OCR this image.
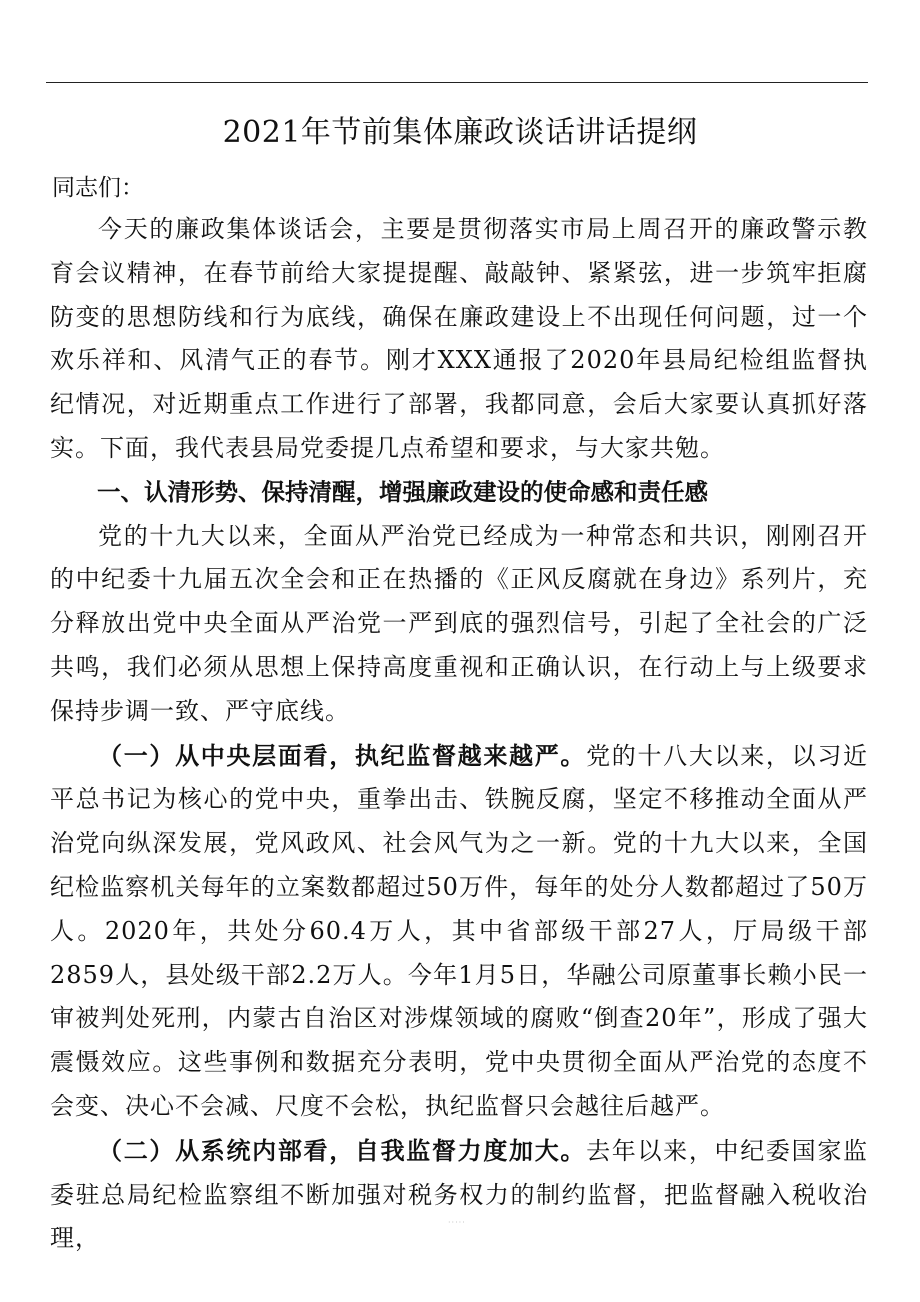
2021年节前集体廉政谈话讲话提纲

同志们：

今天的廉政集体谈话会，主要是贯彻落实市局上周召开的廉政警示教育会议精神，在春节前给大家提提醒、敲敲钟、紧紧弦，进一步筑牢拒腐防变的思想防线和行为底线，确保在廉政建设上不出现任何问题，过一个欢乐祥和、风清气正的春节。刚才XXX通报了2020年县局纪检组监督执纪情况，对近期重点工作进行了部署，我都同意，会后大家要认真抓好落实。下面，我代表县局党委提几点希望和要求，与大家共勉。

一、认清形势、保持清醒，增强廉政建设的使命感和责任感

党的十九大以来，全面从严治党已经成为一种常态和共识，刚刚召开的中纪委十九届五次全会和正在热播的《正风反腐就在身边》系列片，充分释放出党中央全面从严治党一严到底的强烈信号，引起了全社会的广泛共鸣，我们必须从思想上保持高度重视和正确认识，在行动上与上级要求保持步调一致、严守底线。

（一）从中央层面看，执纪监督越来越严。党的十八大以来，以习近平总书记为核心的党中央，重拳出击、铁腕反腐，坚定不移推动全面从严治党向纵深发展，党风政风、社会风气为之一新。党的十九大以来，全国纪检监察机关每年的立案数都超过50万件，每年的处分人数都超过了50万人。2020年，共处分60.4万人，其中省部级干部27人，厅局级干部2859人，县处级干部2.2万人。今年1月5日，华融公司原董事长赖小民一审被判处死刑，内蒙古自治区对涉煤领域的腐败“倒查20年”，形成了强大震慑效应。这些事例和数据充分表明，党中央贯彻全面从严治党的态度不会变、决心不会减、尺度不会松，执纪监督只会越往后越严。

（二）从系统内部看，自我监督力度加大。去年以来，中纪委国家监委驻总局纪检监察组不断加强对税务权力的制约监督，把监督融入税收治理，

·····
